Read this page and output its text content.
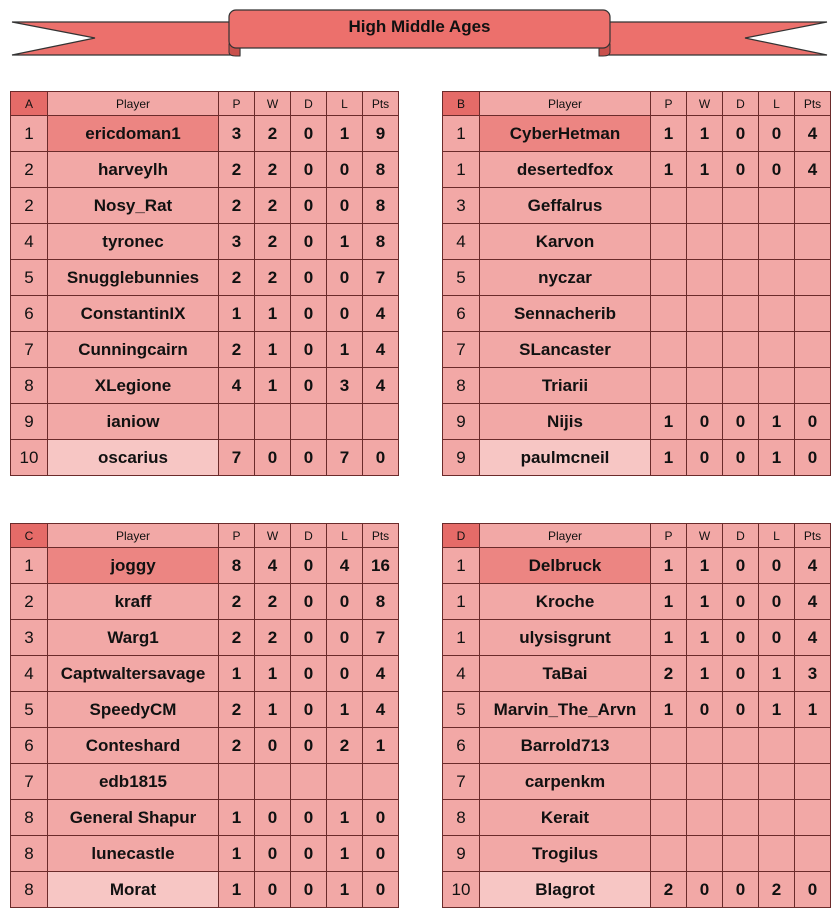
High Middle Ages
A	Player	P	W	D	L	Pts
1	ericdoman1	3	2	0	1	9
2	harveylh	2	2	0	0	8
2	Nosy_Rat	2	2	0	0	8
4	tyronec	3	2	0	1	8
5	Snugglebunnies	2	2	0	0	7
6	ConstantinIX	1	1	0	0	4
7	Cunningcairn	2	1	0	1	4
8	XLegione	4	1	0	3	4
9	ianiow					
10	oscarius	7	0	0	7	0
B	Player	P	W	D	L	Pts
1	CyberHetman	1	1	0	0	4
1	desertedfox	1	1	0	0	4
3	Geffalrus					
4	Karvon					
5	nyczar					
6	Sennacherib					
7	SLancaster					
8	Triarii					
9	Nijis	1	0	0	1	0
9	paulmcneil	1	0	0	1	0
C	Player	P	W	D	L	Pts
1	joggy	8	4	0	4	16
2	kraff	2	2	0	0	8
3	Warg1	2	2	0	0	7
4	Captwaltersavage	1	1	0	0	4
5	SpeedyCM	2	1	0	1	4
6	Conteshard	2	0	0	2	1
7	edb1815					
8	General Shapur	1	0	0	1	0
8	lunecastle	1	0	0	1	0
8	Morat	1	0	0	1	0
D	Player	P	W	D	L	Pts
1	Delbruck	1	1	0	0	4
1	Kroche	1	1	0	0	4
1	ulysisgrunt	1	1	0	0	4
4	TaBai	2	1	0	1	3
5	Marvin_The_Arvn	1	0	0	1	1
6	Barrold713					
7	carpenkm					
8	Kerait					
9	Trogilus					
10	Blagrot	2	0	0	2	0
